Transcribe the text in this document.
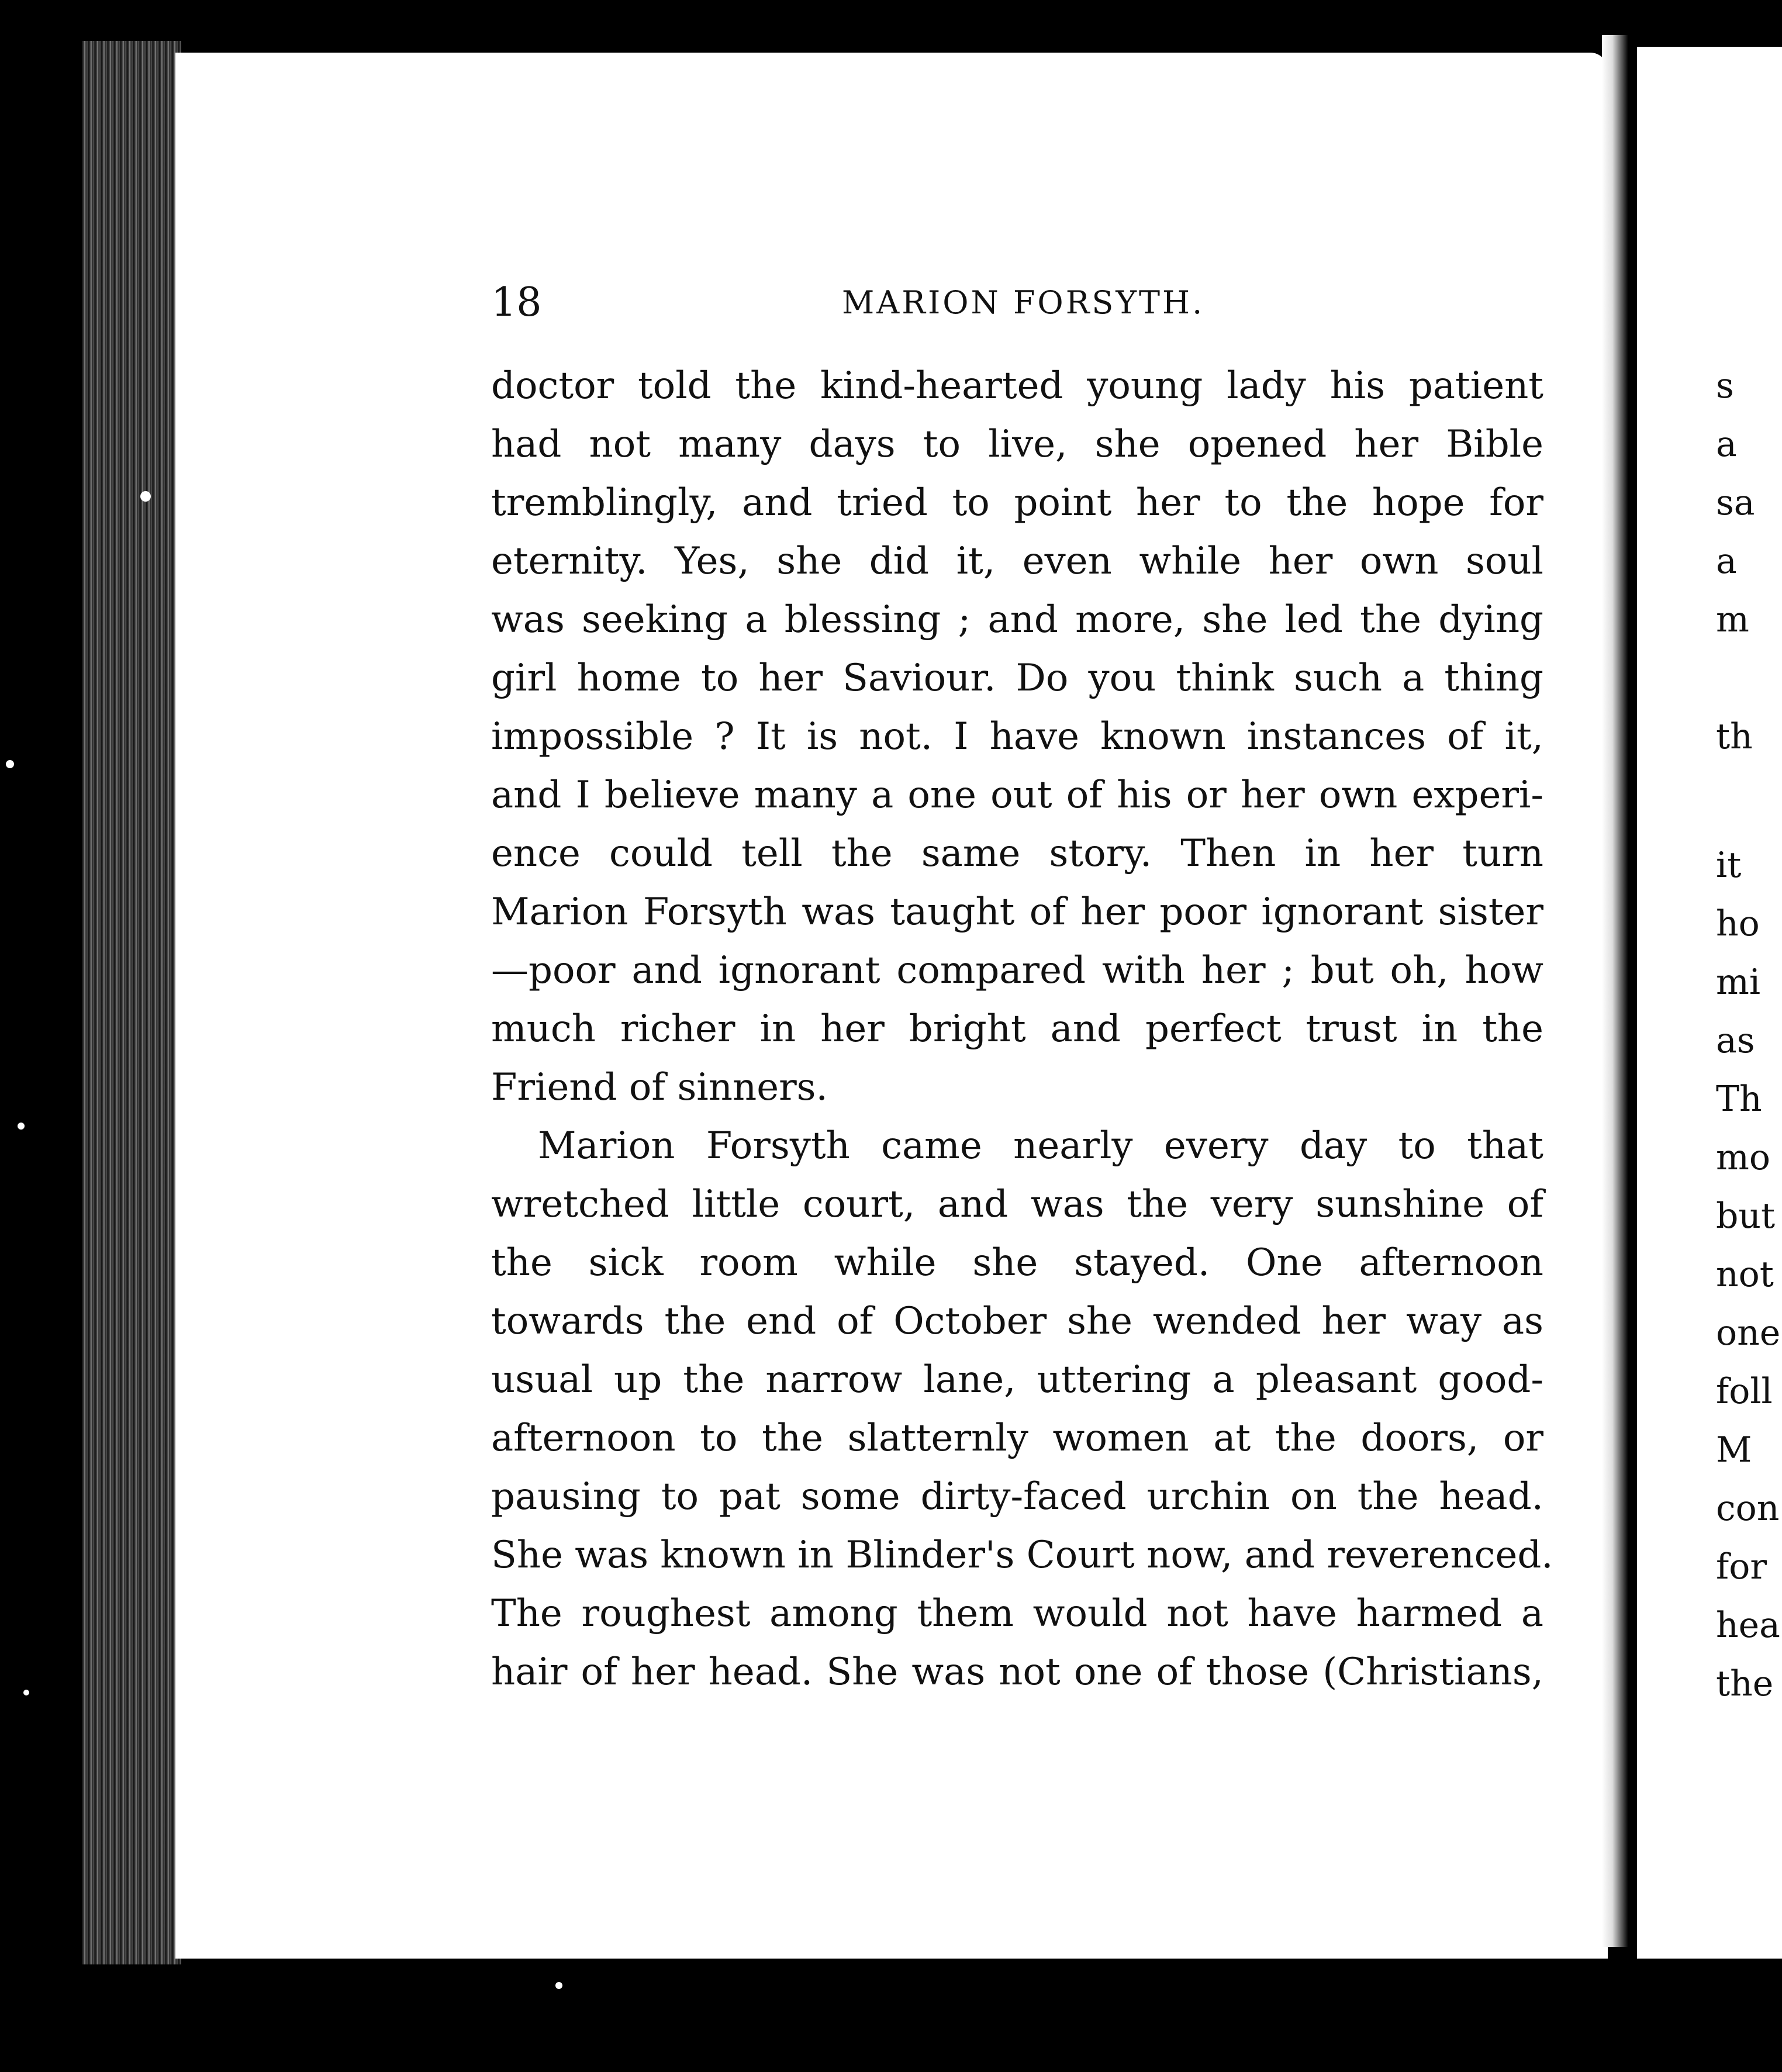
18	MARION FORSYTH.
doctor told the kind-hearted young lady his patient
had not many days to live, she opened her Bible
tremblingly, and tried to point her to the hope for
eternity. Yes, she did it, even while her own soul
was seeking a blessing ; and more, she led the dying
girl home to her Saviour. Do you think such a thing
impossible ? It is not. I have known instances of it,
and I believe many a one out of his or her own experi-
ence could tell the same story. Then in her turn
Marion Forsyth was taught of her poor ignorant sister
—poor and ignorant compared with her ; but oh, how
much richer in her bright and perfect trust in the
Friend of sinners.
Marion Forsyth came nearly every day to that
wretched little court, and was the very sunshine of
the sick room while she stayed. One afternoon
towards the end of October she wended her way as
usual up the narrow lane, uttering a pleasant good-
afternoon to the slatternly women at the doors, or
pausing to pat some dirty-faced urchin on the head.
She was known in Blinder's Court now, and reverenced.
The roughest among them would not have harmed a
hair of her head. She was not one of those (Christians,
s
a
sa
a
m
th
it
ho
mi
as
Th
mo
but
not
one
foll
M
con
for
hea
the
